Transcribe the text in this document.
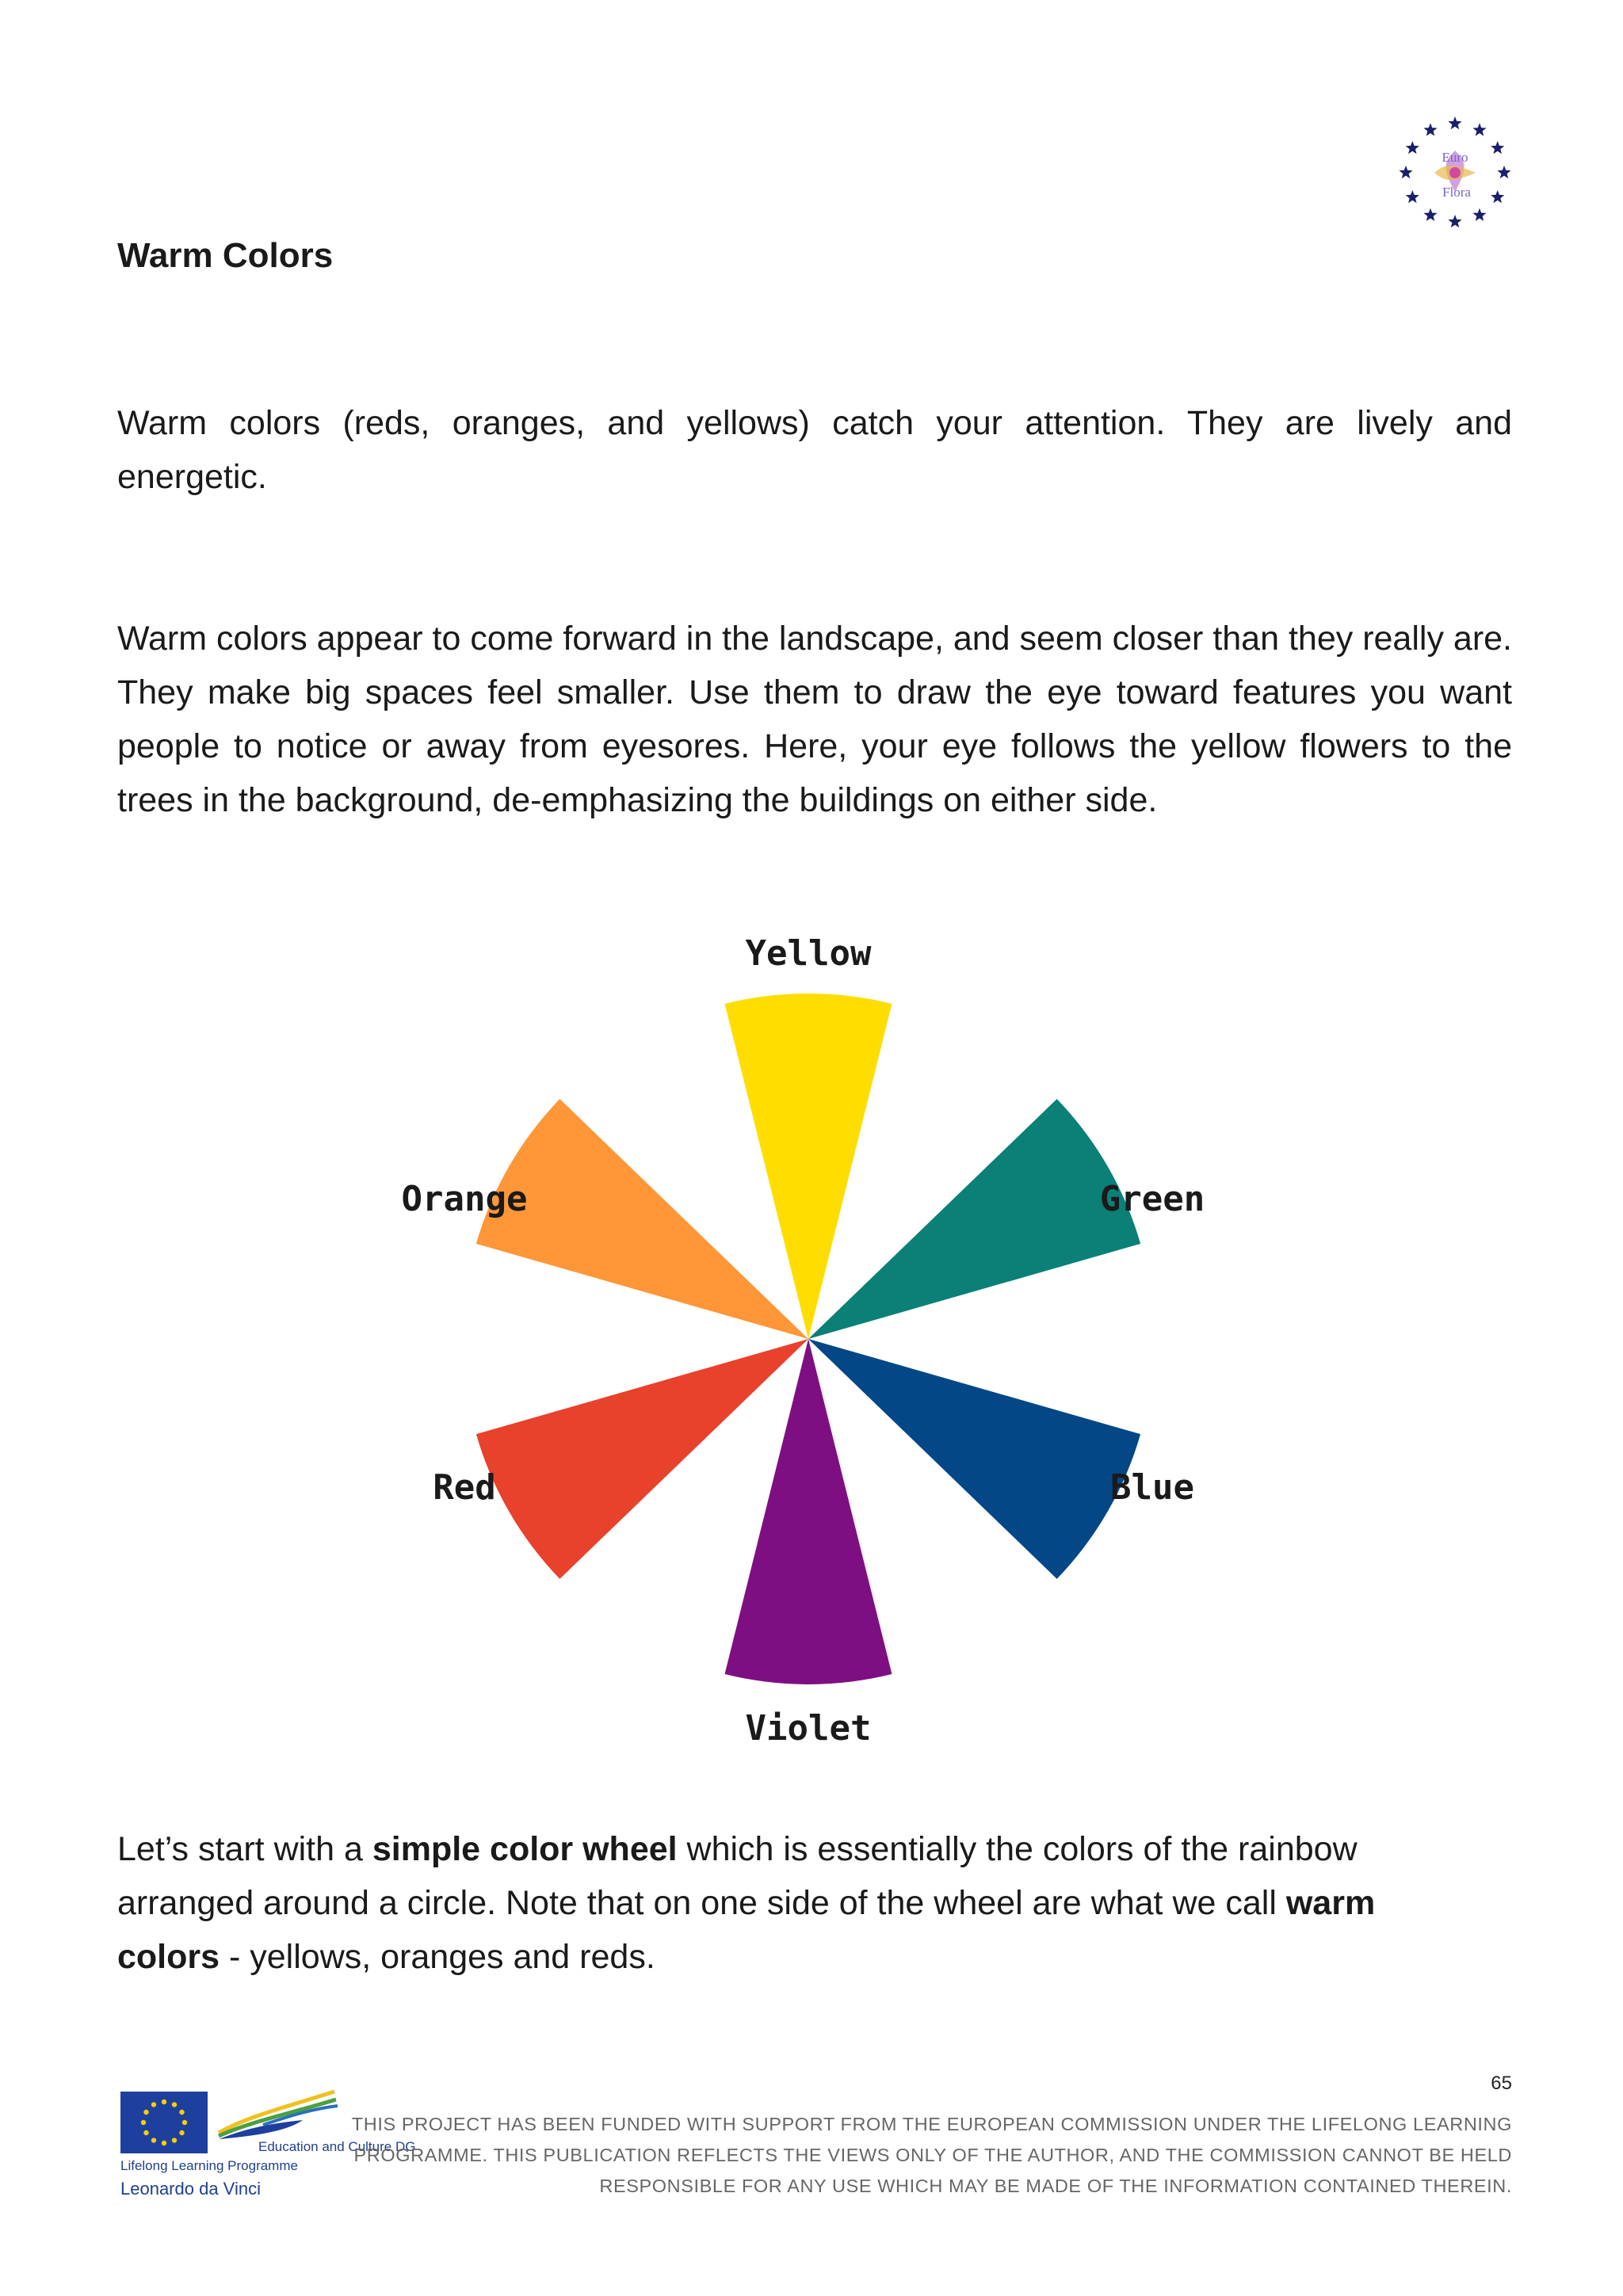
Euro
Flora
Warm Colors
Warm colors (reds, oranges, and yellows) catch your attention. They are lively and energetic.
Warm colors appear to come forward in the landscape, and seem closer than they really are. They make big spaces feel smaller. Use them to draw the eye toward features you want people to notice or away from eyesores. Here, your eye follows the yellow flowers to the trees in the background, de-emphasizing the buildings on either side.
Yellow
Green
Blue
Violet
Red
Orange
Let’s start with a simple color wheel which is essentially the colors of the rainbow arranged around a circle. Note that on one side of the wheel are what we call warm colors - yellows, oranges and reds.
65
Education and Culture DG
Lifelong Learning Programme
Leonardo da Vinci
THIS PROJECT HAS BEEN FUNDED WITH SUPPORT FROM THE EUROPEAN COMMISSION UNDER THE LIFELONG LEARNING
PROGRAMME. THIS PUBLICATION REFLECTS THE VIEWS ONLY OF THE AUTHOR, AND THE COMMISSION CANNOT BE HELD
RESPONSIBLE FOR ANY USE WHICH MAY BE MADE OF THE INFORMATION CONTAINED THEREIN.
